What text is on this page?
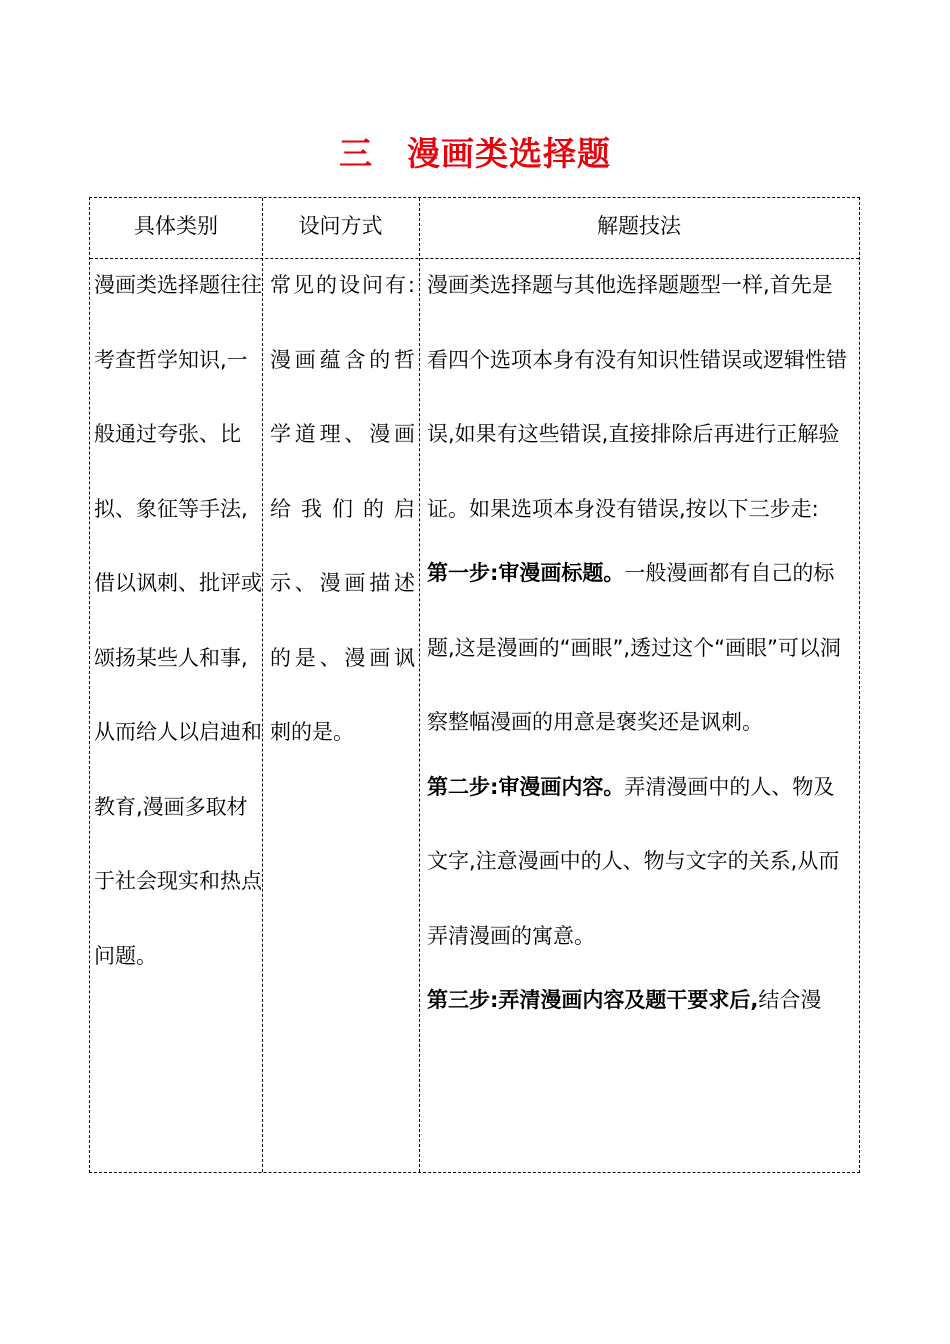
三 漫画类选择题
具体类别	设问方式	解题技法

漫画类选择题往往考查哲学知识,一般通过夸张、比拟、象征等手法,借以讽刺、批评或颂扬某些人和事,从而给人以启迪和教育,漫画多取材于社会现实和热点问题。

常见的设问有:漫画蕴含的哲学道理、漫画给我们的启示、漫画描述的是、漫画讽刺的是。

漫画类选择题与其他选择题题型一样,首先是看四个选项本身有没有知识性错误或逻辑性错误,如果有这些错误,直接排除后再进行正解验证。如果选项本身没有错误,按以下三步走:

第一步:审漫画标题。一般漫画都有自己的标题,这是漫画的“画眼”,透过这个“画眼”可以洞察整幅漫画的用意是褒奖还是讽刺。

第二步:审漫画内容。弄清漫画中的人、物及文字,注意漫画中的人、物与文字的关系,从而弄清漫画的寓意。

第三步:弄清漫画内容及题干要求后,结合漫
